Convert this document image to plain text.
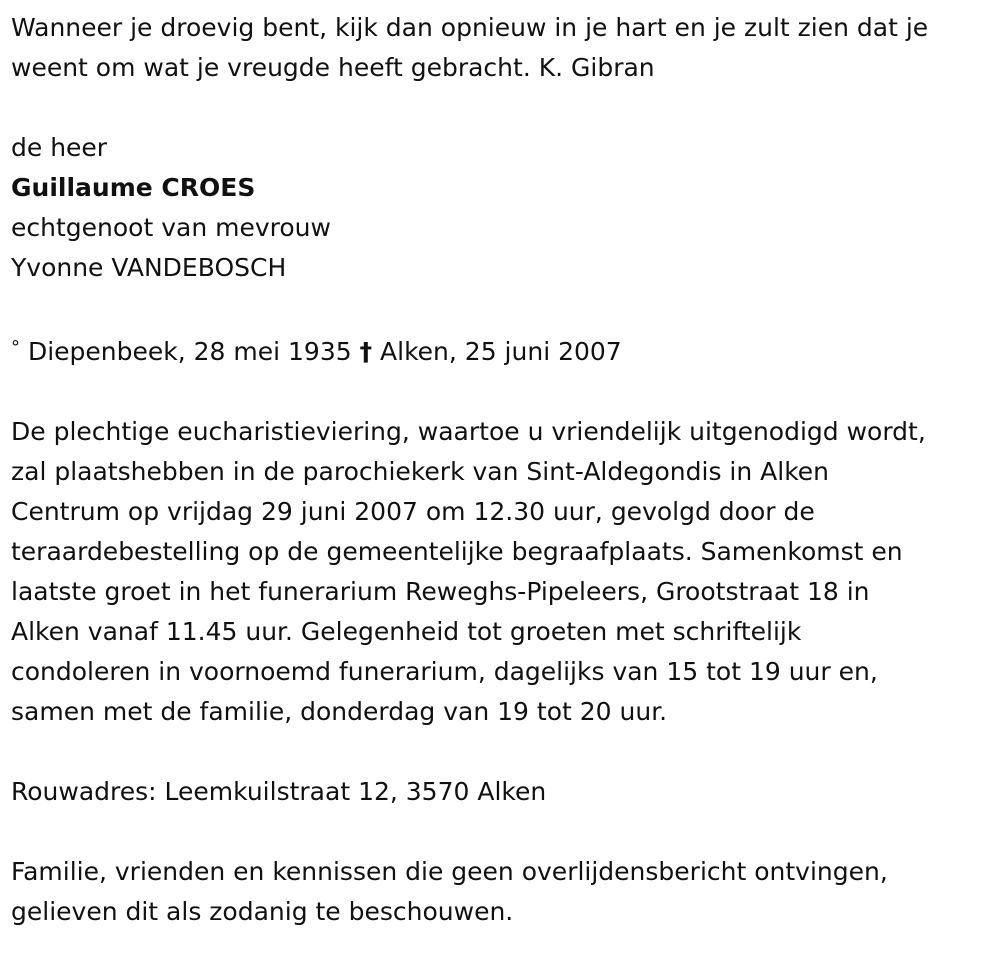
Wanneer je droevig bent, kijk dan opnieuw in je hart en je zult zien dat je
weent om wat je vreugde heeft gebracht. K. Gibran
de heer
Guillaume CROES
echtgenoot van mevrouw
Yvonne VANDEBOSCH
° Diepenbeek, 28 mei 1935 † Alken, 25 juni 2007
De plechtige eucharistieviering, waartoe u vriendelijk uitgenodigd wordt,
zal plaatshebben in de parochiekerk van Sint-Aldegondis in Alken
Centrum op vrijdag 29 juni 2007 om 12.30 uur, gevolgd door de
teraardebestelling op de gemeentelijke begraafplaats. Samenkomst en
laatste groet in het funerarium Reweghs-Pipeleers, Grootstraat 18 in
Alken vanaf 11.45 uur. Gelegenheid tot groeten met schriftelijk
condoleren in voornoemd funerarium, dagelijks van 15 tot 19 uur en,
samen met de familie, donderdag van 19 tot 20 uur.
Rouwadres: Leemkuilstraat 12, 3570 Alken
Familie, vrienden en kennissen die geen overlijdensbericht ontvingen,
gelieven dit als zodanig te beschouwen.
